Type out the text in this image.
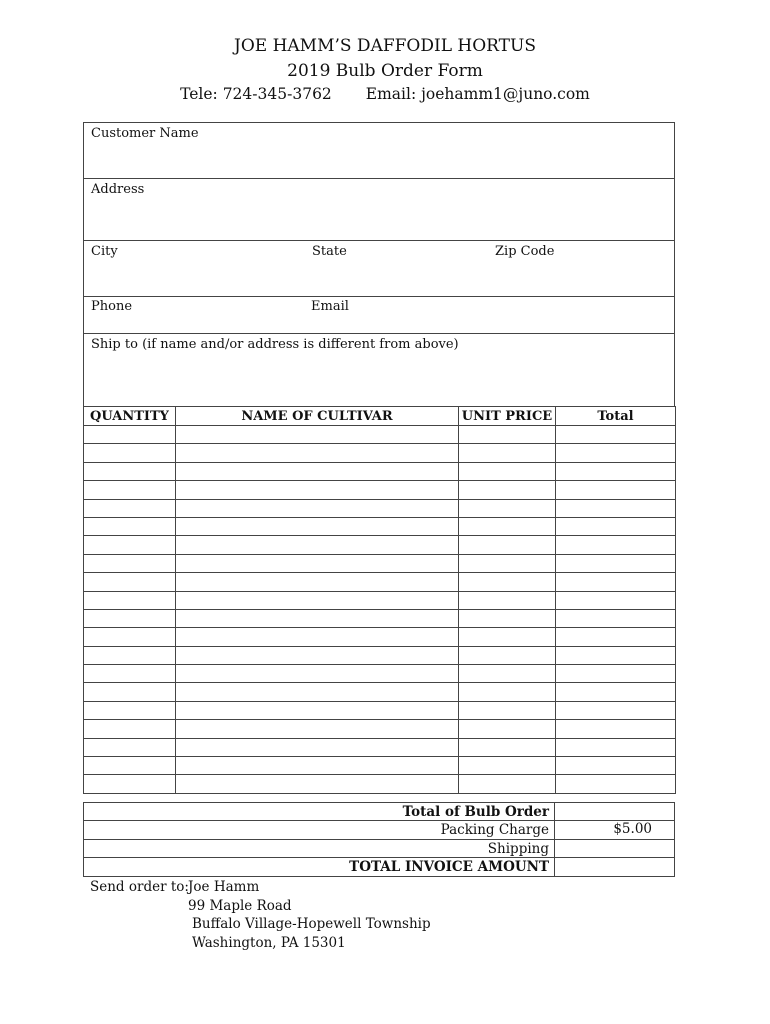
JOE HAMM’S DAFFODIL HORTUS
2019 Bulb Order Form
Tele: 724-345-3762 Email: joehamm1@juno.com
Customer Name
Address
City	State	Zip Code
Phone	Email
Ship to (if name and/or address is different from above)
QUANTITY	NAME OF CULTIVAR	UNIT PRICE	Total

Total of Bulb Order
Packing Charge	$5.00
Shipping
TOTAL INVOICE AMOUNT
Send order to: Joe Hamm
99 Maple Road
Buffalo Village-Hopewell Township
Washington, PA 15301
